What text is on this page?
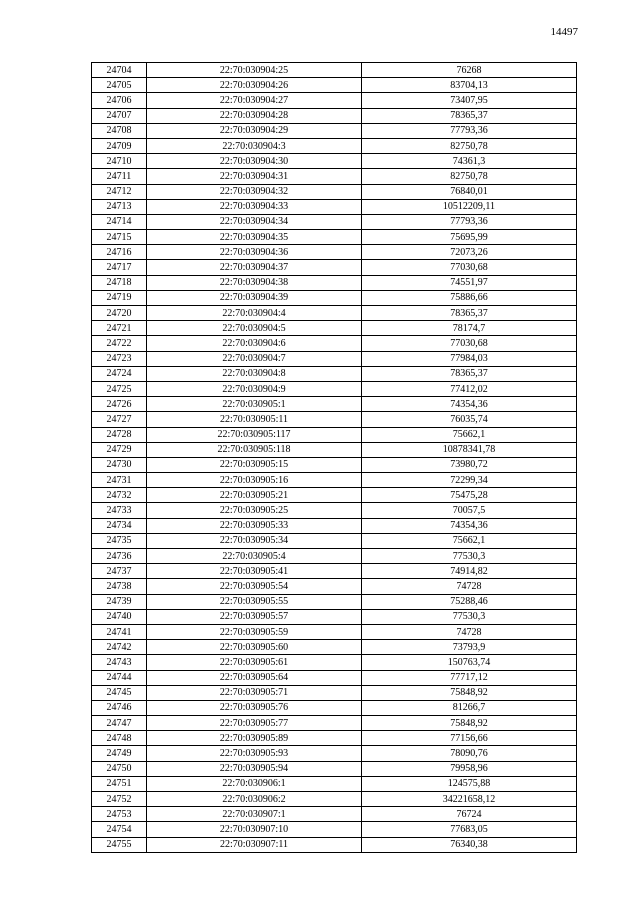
14497
24704	22:70:030904:25	76268
24705	22:70:030904:26	83704,13
24706	22:70:030904:27	73407,95
24707	22:70:030904:28	78365,37
24708	22:70:030904:29	77793,36
24709	22:70:030904:3	82750,78
24710	22:70:030904:30	74361,3
24711	22:70:030904:31	82750,78
24712	22:70:030904:32	76840,01
24713	22:70:030904:33	10512209,11
24714	22:70:030904:34	77793,36
24715	22:70:030904:35	75695,99
24716	22:70:030904:36	72073,26
24717	22:70:030904:37	77030,68
24718	22:70:030904:38	74551,97
24719	22:70:030904:39	75886,66
24720	22:70:030904:4	78365,37
24721	22:70:030904:5	78174,7
24722	22:70:030904:6	77030,68
24723	22:70:030904:7	77984,03
24724	22:70:030904:8	78365,37
24725	22:70:030904:9	77412,02
24726	22:70:030905:1	74354,36
24727	22:70:030905:11	76035,74
24728	22:70:030905:117	75662,1
24729	22:70:030905:118	10878341,78
24730	22:70:030905:15	73980,72
24731	22:70:030905:16	72299,34
24732	22:70:030905:21	75475,28
24733	22:70:030905:25	70057,5
24734	22:70:030905:33	74354,36
24735	22:70:030905:34	75662,1
24736	22:70:030905:4	77530,3
24737	22:70:030905:41	74914,82
24738	22:70:030905:54	74728
24739	22:70:030905:55	75288,46
24740	22:70:030905:57	77530,3
24741	22:70:030905:59	74728
24742	22:70:030905:60	73793,9
24743	22:70:030905:61	150763,74
24744	22:70:030905:64	77717,12
24745	22:70:030905:71	75848,92
24746	22:70:030905:76	81266,7
24747	22:70:030905:77	75848,92
24748	22:70:030905:89	77156,66
24749	22:70:030905:93	78090,76
24750	22:70:030905:94	79958,96
24751	22:70:030906:1	124575,88
24752	22:70:030906:2	34221658,12
24753	22:70:030907:1	76724
24754	22:70:030907:10	77683,05
24755	22:70:030907:11	76340,38
